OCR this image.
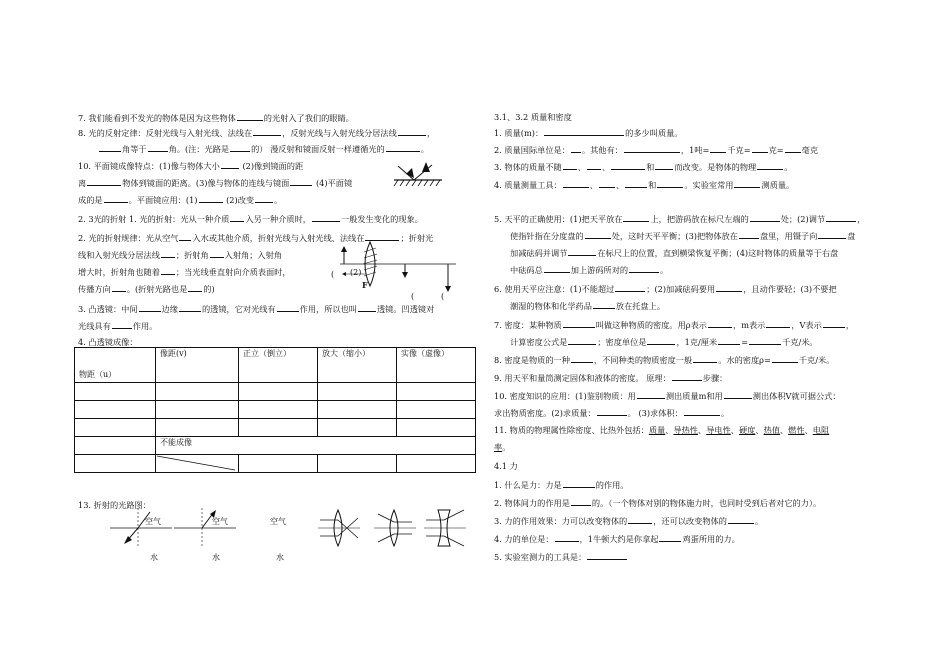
7. 我们能看到不发光的物体是因为这些物体	的光射入了我们的眼睛。
8. 光的反射定律：反射光线与入射光线、法线在	，反射光线与入射光线分居法线	，
角等于	角。(注：光路是	的） 漫反射和镜面反射一样遵循光的	。
10. 平面镜成像特点：(1)像与物体大小 (2)像到镜面的距
离	物体到镜面的距离。(3)像与物体的连线与镜面	(4)平面镜
成的是	。平面镜应用：(1)	(2)改变 。
2. 3光的折射 1. 光的折射：光从一种介质 入另一种介质时，	一般发生变化的现象。
2. 光的折射规律：光从空气 入水或其他介质，折射光线与入射光线、法线在	；折射光
线和入射光线分居法线 ；折射角 入射角；入射角
增大时，折射角也随着 ；当光线垂直射向介质表面时，
传播方向 。(折射光路也是 的)
(2)
F
(
(	(
3. 凸透镜：中间	边缘	的透镜，它对光线有	作用，所以也叫 透镜。凹透镜对
光线具有	作用。
4. 凸透镜成像：
物距（u）	像距(v)	正立（倒立）	放大（缩小）	实像（虚像）

	不能成像			

13. 折射的光路图：
空气
水
空气
水
空气
水
3.1、3.2 质量和密度
1. 质量(m)：	的多少叫质量。
2. 质量国际单位是： 。其他有：	，1吨= 千克= 克= 毫克
3. 物体的质量不随 、 、	和 而改变。是物体的物理	。
4. 质量测量工具：	、 、	和	。实验室常用	测质量。
5. 天平的正确使用：(1)把天平放在	上，把游码放在标尺左端的	处；(2)调节	，
使指针指在分度盘的	处，这时天平平衡；(3)把物体放在	盘里，用镊子向	盘
加减砝码并调节	在标尺上的位置，直到横梁恢复平衡；(4)这时物体的质量等于右盘
中砝码总	加上游码所对的	。
6. 使用天平应注意：(1)不能超过	；(2)加减砝码要用	，且动作要轻；(3)不要把
潮湿的物体和化学药品	放在托盘上。
7. 密度：某种物质	叫做这种物质的密度。用ρ表示	，m表示	，V表示	，
计算密度公式是	；密度单位是	，1克/厘米	=	千克/米。
8. 密度是物质的一种	，不同种类的物质密度一般	。水的密度ρ=	千克/米。
9. 用天平和量筒测定固体和液体的密度。 原理：	步骤：
10. 密度知识的应用：(1)鉴别物质：用	测出质量m和用	测出体积V就可据公式：
求出物质密度。(2)求质量：	。 (3)求体积：	。
11. 物质的物理属性除密度、比热外包括：质量、导热性、导电性、硬度、热值、燃性、电阻
率。
4.1 力
1. 什么是力：力是	的作用。
2. 物体间力的作用是	的。（一个物体对别的物体施力时，也同时受到后者对它的力）。
3. 力的作用效果：力可以改变物体的	，还可以改变物体的	。
4. 力的单位是：	，1牛顿大约是你拿起	鸡蛋所用的力。
5. 实验室测力的工具是：
